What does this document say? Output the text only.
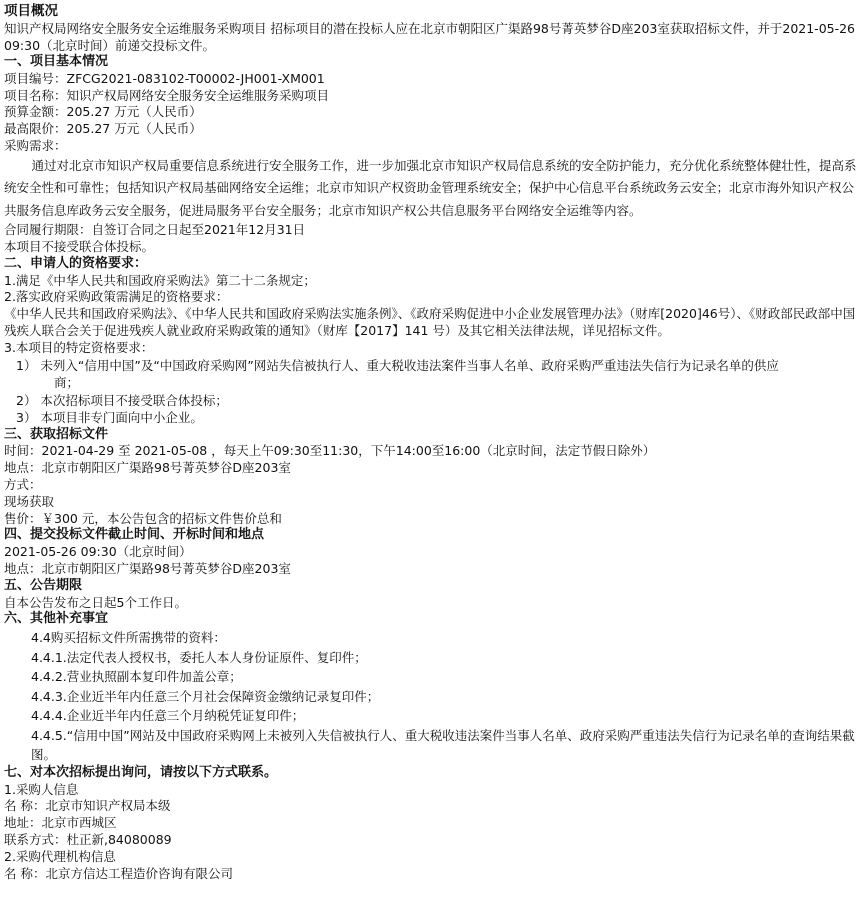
项目概况
知识产权局网络安全服务安全运维服务采购项目 招标项目的潜在投标人应在北京市朝阳区广渠路98号菁英梦谷D座203室获取招标文件，并于2021-05-26 09:30（北京时间）前递交投标文件。
一、项目基本情况
项目编号：ZFCG2021-083102-T00002-JH001-XM001
项目名称：知识产权局网络安全服务安全运维服务采购项目
预算金额：205.27 万元（人民币）
最高限价：205.27 万元（人民币）
采购需求：

通过对北京市知识产权局重要信息系统进行安全服务工作，进一步加强北京市知识产权局信息系统的安全防护能力，充分优化系统整体健壮性，提高系统安全性和可靠性；包括知识产权局基础网络安全运维；北京市知识产权资助金管理系统安全；保护中心信息平台系统政务云安全；北京市海外知识产权公共服务信息库政务云安全服务，促进局服务平台安全服务；北京市知识产权公共信息服务平台网络安全运维等内容。

合同履行期限：自签订合同之日起至2021年12月31日
本项目不接受联合体投标。
二、申请人的资格要求：
1.满足《中华人民共和国政府采购法》第二十二条规定；
2.落实政府采购政策需满足的资格要求：
《中华人民共和国政府采购法》、《中华人民共和国政府采购法实施条例》、《政府采购促进中小企业发展管理办法》（财库[2020]46号）、《财政部民政部中国残疾人联合会关于促进残疾人就业政府采购政策的通知》（财库【2017】141 号）及其它相关法律法规，详见招标文件。
3.本项目的特定资格要求：
1） 未列入“信用中国”及“中国政府采购网”网站失信被执行人、重大税收违法案件当事人名单、政府采购严重违法失信行为记录名单的供应
商；
2） 本次招标项目不接受联合体投标；
3） 本项目非专门面向中小企业。
三、获取招标文件
时间：2021-04-29 至 2021-05-08 ，每天上午09:30至11:30，下午14:00至16:00（北京时间，法定节假日除外）
地点：北京市朝阳区广渠路98号菁英梦谷D座203室
方式：
现场获取
售价：￥300 元，本公告包含的招标文件售价总和
四、提交投标文件截止时间、开标时间和地点
2021-05-26 09:30（北京时间）
地点：北京市朝阳区广渠路98号菁英梦谷D座203室
五、公告期限
自本公告发布之日起5个工作日。
六、其他补充事宜
4.4购买招标文件所需携带的资料：
4.4.1.法定代表人授权书，委托人本人身份证原件、复印件；
4.4.2.营业执照副本复印件加盖公章；
4.4.3.企业近半年内任意三个月社会保障资金缴纳记录复印件；
4.4.4.企业近半年内任意三个月纳税凭证复印件；
4.4.5.“信用中国”网站及中国政府采购网上未被列入失信被执行人、重大税收违法案件当事人名单、政府采购严重违法失信行为记录名单的查询结果截图。
七、对本次招标提出询问，请按以下方式联系。
1.采购人信息
名 称：北京市知识产权局本级
地址：北京市西城区
联系方式：杜正新,84080089
2.采购代理机构信息
名 称：北京方信达工程造价咨询有限公司
